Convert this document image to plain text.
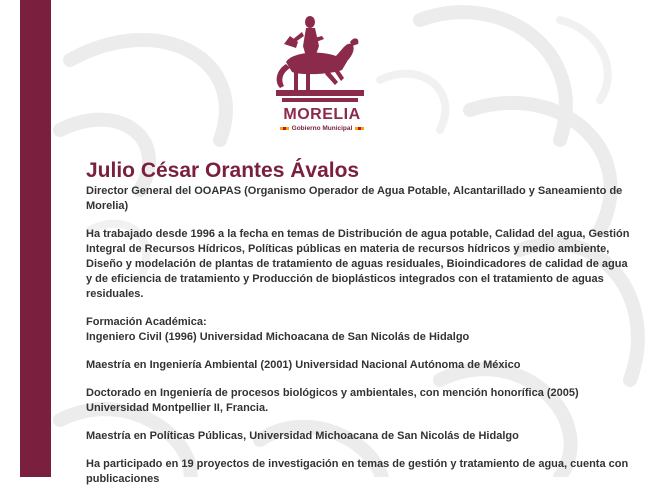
MORELIA
Gobierno Municipal
Julio César Orantes Ávalos

Director General del OOAPAS (Organismo Operador de Agua Potable, Alcantarillado y Saneamiento de Morelia)

Ha trabajado desde 1996 a la fecha en temas de Distribución de agua potable, Calidad del agua, Gestión Integral de Recursos Hídricos, Políticas públicas en materia de recursos hídricos y medio ambiente, Diseño y modelación de plantas de tratamiento de aguas residuales, Bioindicadores de calidad de agua y de eficiencia de tratamiento y Producción de bioplásticos integrados con el tratamiento de aguas residuales.

Formación Académica:

Ingeniero Civil (1996) Universidad Michoacana de San Nicolás de Hidalgo

Maestría en Ingeniería Ambiental (2001) Universidad Nacional Autónoma de México

Doctorado en Ingeniería de procesos biológicos y ambientales, con mención honorífica (2005) Universidad Montpellier II, Francia.

Maestría en Políticas Públicas, Universidad Michoacana de San Nicolás de Hidalgo

Ha participado en 19 proyectos de investigación en temas de gestión y tratamiento de agua, cuenta con publicaciones
